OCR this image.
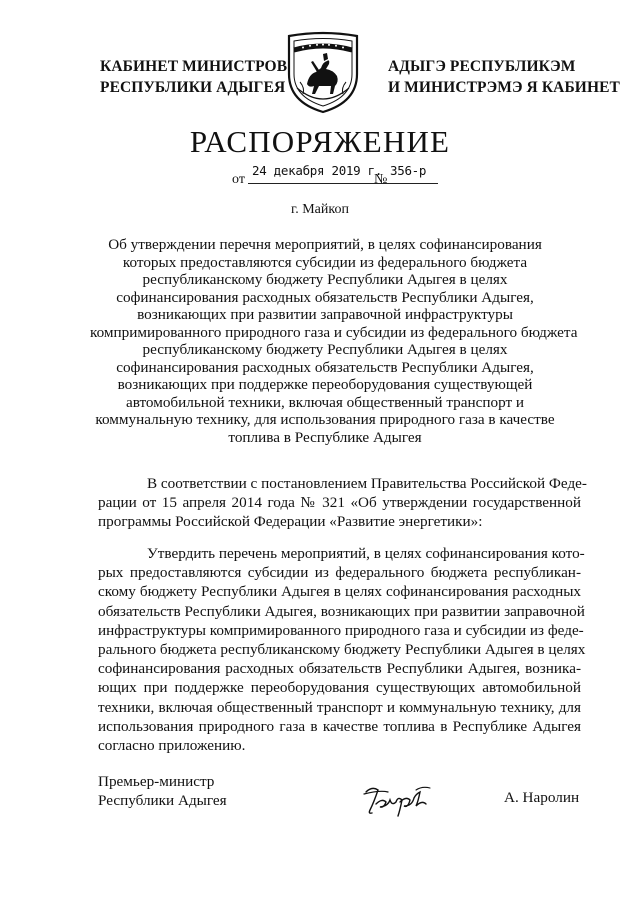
КАБИНЕТ МИНИСТРОВ
РЕСПУБЛИКИ АДЫГЕЯ
АДЫГЭ РЕСПУБЛИКЭМ
И МИНИСТРЭМЭ Я КАБИНЕТ
РАСПОРЯЖЕНИЕ
от
24 декабря 2019 г.
№
356-р
г. Майкоп
Об утверждении перечня мероприятий, в целях софинансирования
которых предоставляются субсидии из федерального бюджета
республиканскому бюджету Республики Адыгея в целях
софинансирования расходных обязательств Республики Адыгея,
возникающих при развитии заправочной инфраструктуры
компримированного природного газа и субсидии из федерального бюджета
республиканскому бюджету Республики Адыгея в целях
софинансирования расходных обязательств Республики Адыгея,
возникающих при поддержке переоборудования существующей
автомобильной техники, включая общественный транспорт и
коммунальную технику, для использования природного газа в качестве
топлива в Республике Адыгея
В соответствии с постановлением Правительства Российской Феде-
рации от 15 апреля 2014 года № 321 «Об утверждении государственной
программы Российской Федерации «Развитие энергетики»:
Утвердить перечень мероприятий, в целях софинансирования кото-
рых предоставляются субсидии из федерального бюджета республикан-
скому бюджету Республики Адыгея в целях софинансирования расходных
обязательств Республики Адыгея, возникающих при развитии заправочной
инфраструктуры компримированного природного газа и субсидии из феде-
рального бюджета республиканскому бюджету Республики Адыгея в целях
софинансирования расходных обязательств Республики Адыгея, возника-
ющих при поддержке переоборудования существующих автомобильной
техники, включая общественный транспорт и коммунальную технику, для
использования природного газа в качестве топлива в Республике Адыгея
согласно приложению.
Премьер-министр
Республики Адыгея	А. Наролин
